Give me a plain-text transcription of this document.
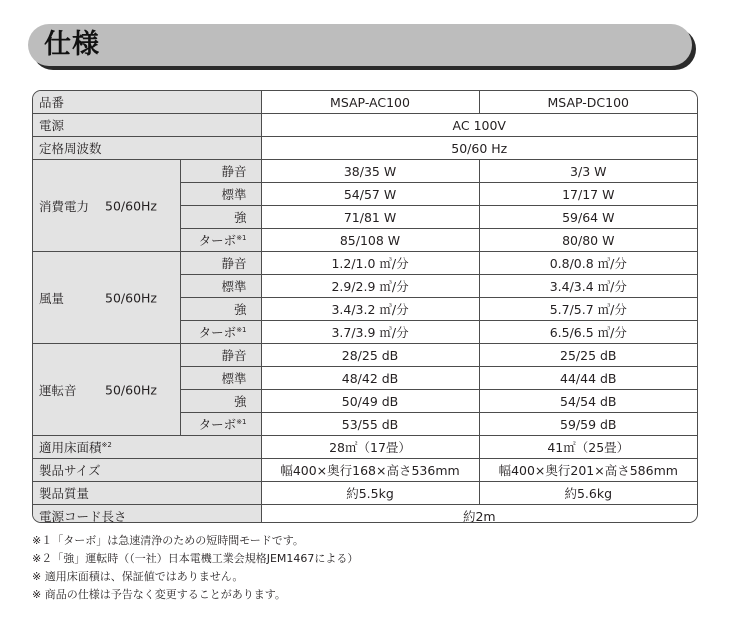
仕様
品番		MSAP-AC100	MSAP-DC100
電源		AC 100V	
定格周波数		50/60 Hz	
消費電力 50/60Hz	静音	38/35 W	3/3 W
	標準	54/57 W	17/17 W
	強	71/81 W	59/64 W
	ターボ$^{※1}$	85/108 W	80/80 W
風量 50/60Hz	静音	1.2/1.0 ㎥/分	0.8/0.8 ㎥/分
	標準	2.9/2.9 ㎥/分	3.4/3.4 ㎥/分
	強	3.4/3.2 ㎥/分	5.7/5.7 ㎥/分
	ターボ$^{※1}$	3.7/3.9 ㎥/分	6.5/6.5 ㎥/分
運転音 50/60Hz	静音	28/25 dB	25/25 dB
	標準	48/42 dB	44/44 dB
	強	50/49 dB	54/54 dB
	ターボ$^{※1}$	53/55 dB	59/59 dB
適用床面積$^{※2}$		28㎡（17畳）	41㎡（25畳）
製品サイズ		幅400×奥行168×高さ536mm	幅400×奥行201×高さ586mm
製品質量		約5.5kg	約5.6kg
電源コード長さ		約2m	
※１「ターボ」は急速清浄のための短時間モードです。
※２「強」運転時（（一社）日本電機工業会規格JEM1467による）
※ 適用床面積は、保証値ではありません。
※ 商品の仕様は予告なく変更することがあります。
